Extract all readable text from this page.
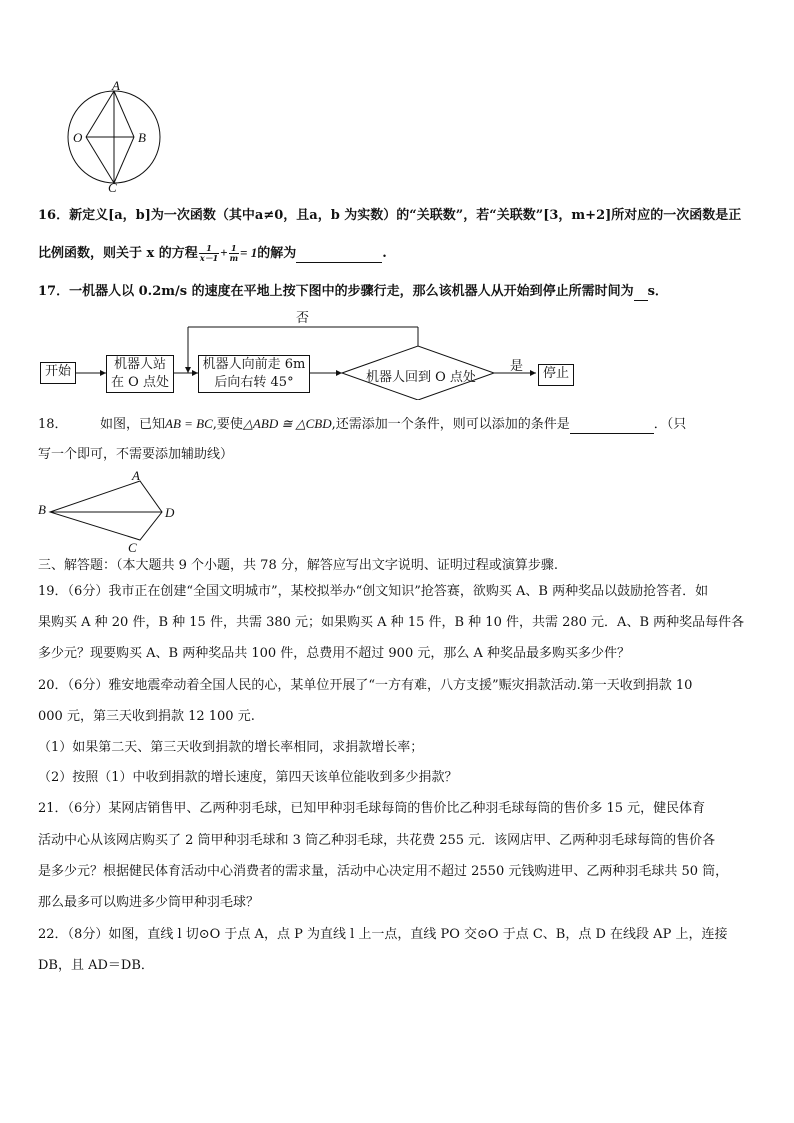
A
O	B
C
16．新定义[a，b]为一次函数（其中a≠0，且a，b 为实数）的“关联数”，若“关联数”[3，m+2]所对应的一次函数是正
比例函数，则关于 x 的方程 $\frac{1}{x-1} + \frac{1}{m} = 1$的解为	.
17．一机器人以 0.2m/s 的速度在平地上按下图中的步骤行走，那么该机器人从开始到停止所需时间为 s．
开始	机器人站
在 O 点处
机器人向前走 6m
后向右转 45°	机器人回到 O 点处
是
否
停止
18． 如图，已知AB = BC,要使△ABD ≅ △CBD,还需添加一个条件，则可以添加的条件是	．（只
写一个即可，不需要添加辅助线）
A
B
C
D
三、解答题：（本大题共 9 个小题，共 78 分，解答应写出文字说明、证明过程或演算步骤.
19．（6分）我市正在创建“全国文明城市”，某校拟举办“创文知识”抢答赛，欲购买 A、B 两种奖品以鼓励抢答者．如
果购买 A 种 20 件，B 种 15 件，共需 380 元；如果购买 A 种 15 件，B 种 10 件，共需 280 元．A、B 两种奖品每件各
多少元？现要购买 A、B 两种奖品共 100 件，总费用不超过 900 元，那么 A 种奖品最多购买多少件？
20．（6分）雅安地震牵动着全国人民的心，某单位开展了“一方有难，八方支援”赈灾捐款活动.第一天收到捐款 10
000 元，第三天收到捐款 12 100 元.
（1）如果第二天、第三天收到捐款的增长率相同，求捐款增长率；
（2）按照（1）中收到捐款的增长速度，第四天该单位能收到多少捐款？
21．（6分）某网店销售甲、乙两种羽毛球，已知甲种羽毛球每筒的售价比乙种羽毛球每筒的售价多 15 元，健民体育
活动中心从该网店购买了 2 筒甲种羽毛球和 3 筒乙种羽毛球，共花费 255 元．该网店甲、乙两种羽毛球每筒的售价各
是多少元？根据健民体育活动中心消费者的需求量，活动中心决定用不超过 2550 元钱购进甲、乙两种羽毛球共 50 筒，
那么最多可以购进多少筒甲种羽毛球？
22．（8分）如图，直线 l 切⊙O 于点 A，点 P 为直线 l 上一点，直线 PO 交⊙O 于点 C、B，点 D 在线段 AP 上，连接
DB，且 AD＝DB．
